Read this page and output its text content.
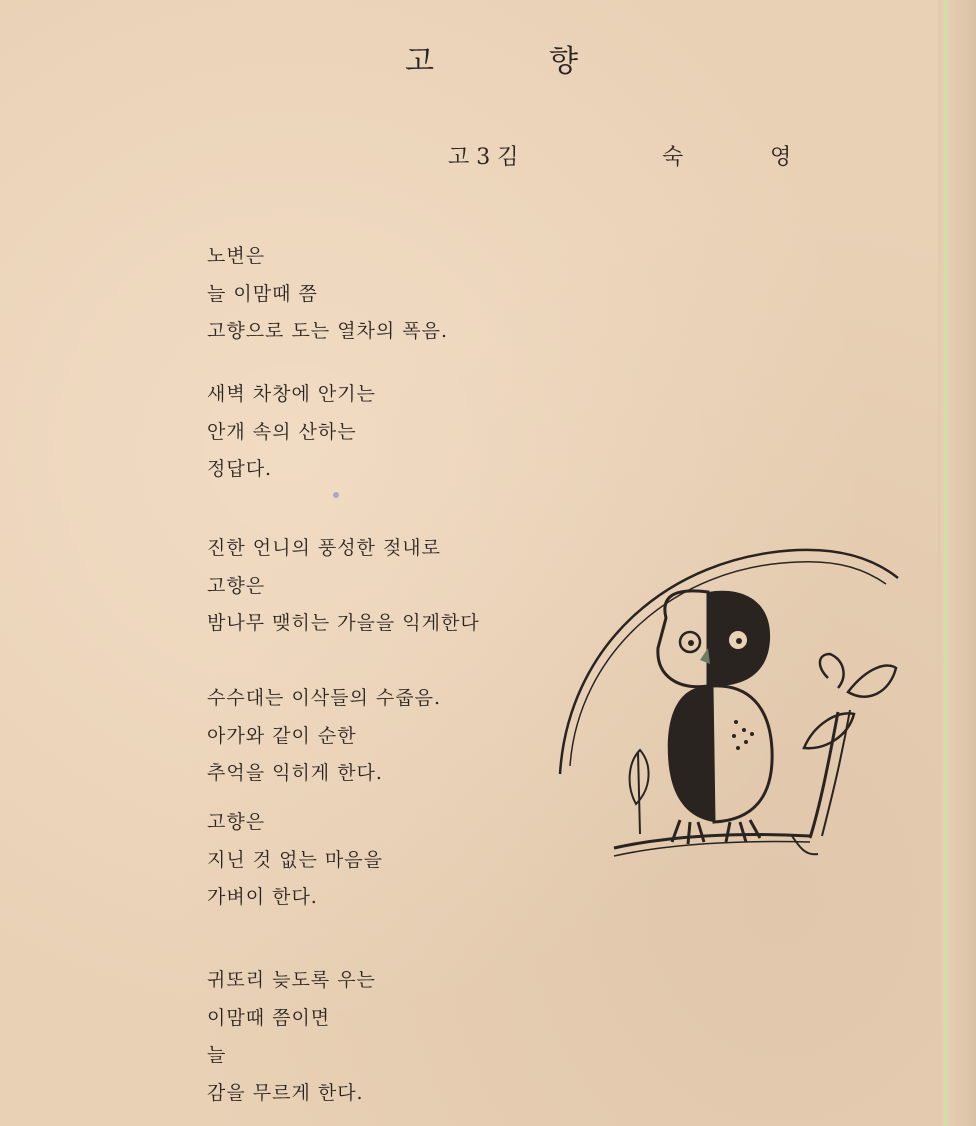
고	향
고 3 김	숙	영
노변은
늘 이맘때 쯤
고향으로 도는 열차의 폭음.
새벽 차창에 안기는
안개 속의 산하는
정답다.
진한 언니의 풍성한 젖내로
고향은
밤나무 맺히는 가을을 익게한다
수수대는 이삭들의 수줍음.
아가와 같이 순한
추억을 익히게 한다.
고향은
지닌 것 없는 마음을
가벼이 한다.
귀또리 늦도록 우는
이맘때 쯤이면
늘
감을 무르게 한다.
